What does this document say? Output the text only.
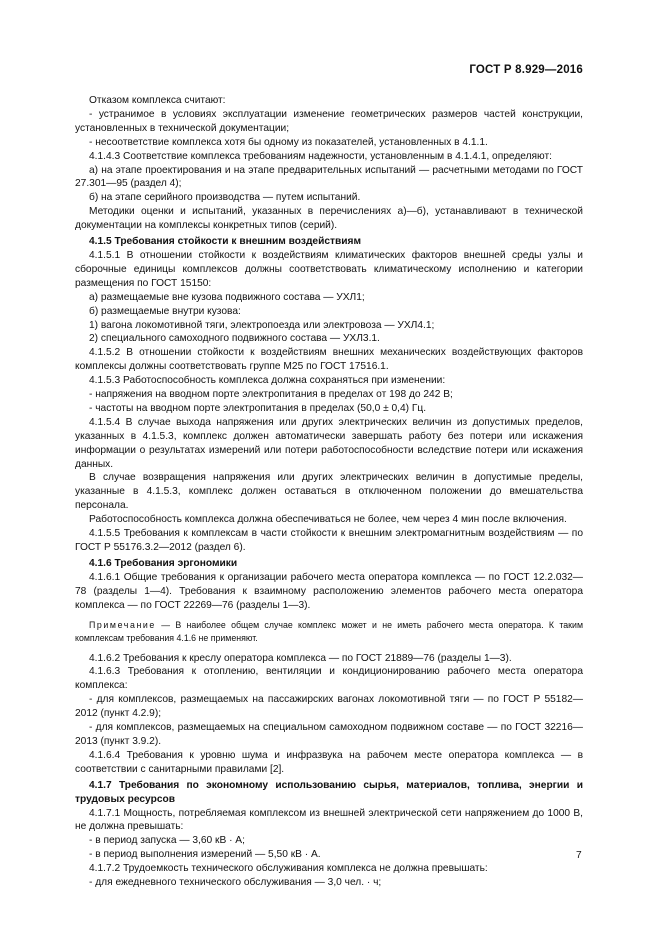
ГОСТ Р 8.929—2016
Отказом комплекса считают:
- устранимое в условиях эксплуатации изменение геометрических размеров частей конструкции, установленных в технической документации;
- несоответствие комплекса хотя бы одному из показателей, установленных в 4.1.1.
4.1.4.3 Соответствие комплекса требованиям надежности, установленным в 4.1.4.1, определяют:
а) на этапе проектирования и на этапе предварительных испытаний — расчетными методами по ГОСТ 27.301—95 (раздел 4);
б) на этапе серийного производства — путем испытаний.
Методики оценки и испытаний, указанных в перечислениях а)—б), устанавливают в технической документации на комплексы конкретных типов (серий).
4.1.5 Требования стойкости к внешним воздействиям
4.1.5.1 В отношении стойкости к воздействиям климатических факторов внешней среды узлы и сборочные единицы комплексов должны соответствовать климатическому исполнению и категории размещения по ГОСТ 15150:
а) размещаемые вне кузова подвижного состава — УХЛ1;
б) размещаемые внутри кузова:
1) вагона локомотивной тяги, электропоезда или электровоза — УХЛ4.1;
2) специального самоходного подвижного состава — УХЛ3.1.
4.1.5.2 В отношении стойкости к воздействиям внешних механических воздействующих факторов комплексы должны соответствовать группе М25 по ГОСТ 17516.1.
4.1.5.3 Работоспособность комплекса должна сохраняться при изменении:
- напряжения на вводном порте электропитания в пределах от 198 до 242 В;
- частоты на вводном порте электропитания в пределах (50,0 ± 0,4) Гц.
4.1.5.4 В случае выхода напряжения или других электрических величин из допустимых пределов, указанных в 4.1.5.3, комплекс должен автоматически завершать работу без потери или искажения информации о результатах измерений или потери работоспособности вследствие потери или искажения данных.
В случае возвращения напряжения или других электрических величин в допустимые пределы, указанные в 4.1.5.3, комплекс должен оставаться в отключенном положении до вмешательства персонала.
Работоспособность комплекса должна обеспечиваться не более, чем через 4 мин после включения.
4.1.5.5 Требования к комплексам в части стойкости к внешним электромагнитным воздействиям — по ГОСТ Р 55176.3.2—2012 (раздел 6).
4.1.6 Требования эргономики
4.1.6.1 Общие требования к организации рабочего места оператора комплекса — по ГОСТ 12.2.032—78 (разделы 1—4). Требования к взаимному расположению элементов рабочего места оператора комплекса — по ГОСТ 22269—76 (разделы 1—3).
Примечание — В наиболее общем случае комплекс может и не иметь рабочего места оператора. К таким комплексам требования 4.1.6 не применяют.
4.1.6.2 Требования к креслу оператора комплекса — по ГОСТ 21889—76 (разделы 1—3).
4.1.6.3 Требования к отоплению, вентиляции и кондиционированию рабочего места оператора комплекса:
- для комплексов, размещаемых на пассажирских вагонах локомотивной тяги — по ГОСТ Р 55182—2012 (пункт 4.2.9);
- для комплексов, размещаемых на специальном самоходном подвижном составе — по ГОСТ 32216—2013 (пункт 3.9.2).
4.1.6.4 Требования к уровню шума и инфразвука на рабочем месте оператора комплекса — в соответствии с санитарными правилами [2].
4.1.7 Требования по экономному использованию сырья, материалов, топлива, энергии и трудовых ресурсов
4.1.7.1 Мощность, потребляемая комплексом из внешней электрической сети напряжением до 1000 В, не должна превышать:
- в период запуска — 3,60 кВ · А;
- в период выполнения измерений — 5,50 кВ · А.
4.1.7.2 Трудоемкость технического обслуживания комплекса не должна превышать:
- для ежедневного технического обслуживания — 3,0 чел. · ч;
7
